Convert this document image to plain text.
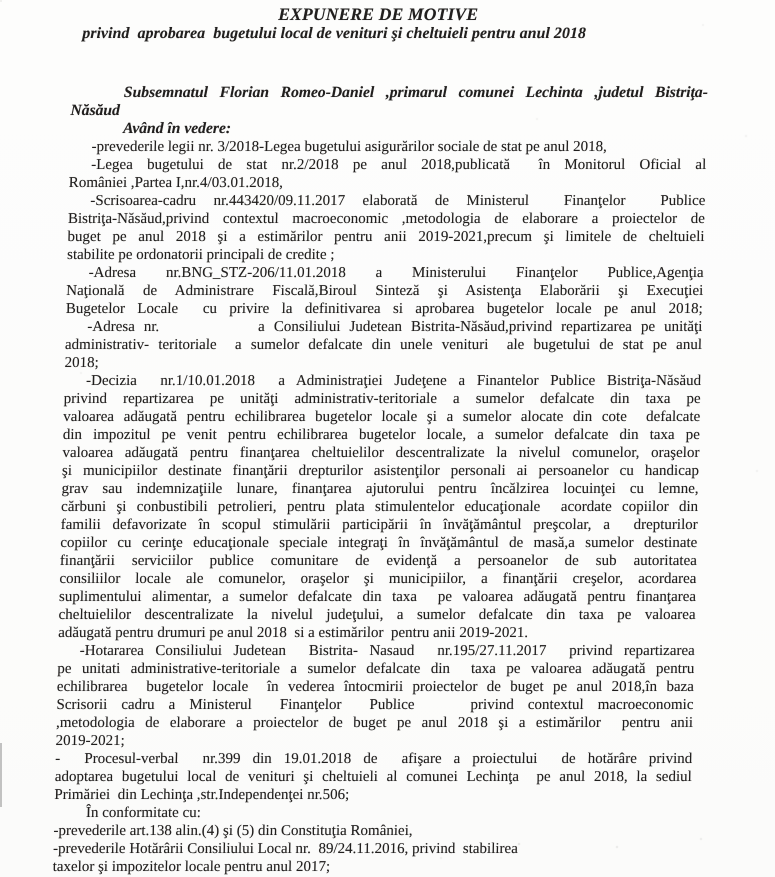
EXPUNERE DE MOTIVE
privind  aprobarea  bugetului local de venituri şi cheltuieli pentru anul 2018
Subsemnatul Florian Romeo-Daniel ,primarul comunei Lechinta ,judetul Bistriţa-
Năsăud
Având în vedere:
-prevederile legii nr. 3/2018-Legea bugetului asigurărilor sociale de stat pe anul 2018,
-Legea bugetului de stat nr.2/2018 pe anul 2018,publicată  în Monitorul Oficial al
României ,Partea I,nr.4/03.01.2018,
-Scrisoarea-cadru nr.443420/09.11.2017 elaborată de Ministerul  Finanţelor  Publice
Bistriţa-Năsăud,privind contextul macroeconomic ,metodologia de elaborare a proiectelor de
buget pe anul 2018 şi a estimărilor pentru anii 2019-2021,precum şi limitele de cheltuieli
stabilite pe ordonatorii principali de credite ;
-Adresa  nr.BNG_STZ-206/11.01.2018  a  Ministerului  Finanţelor  Publice,Agenţia
Naţională de Administrare Fiscală,Biroul Sinteză şi Asistenţa Elaborării şi Execuţiei
Bugetelor Locale  cu privire la definitivarea si aprobarea bugetelor locale pe anul 2018;
-Adresa nr.           a Consiliului Judetean Bistrita-Năsăud,privind repartizarea pe unităţi
administrativ- teritoriale  a sumelor defalcate din unele venituri  ale bugetului de stat pe anul
2018;
-Decizia  nr.1/10.01.2018  a Administraţiei Judeţene a Finantelor Publice Bistriţa-Năsăud
privind repartizarea pe unităţi administrativ-teritoriale a sumelor defalcate din taxa pe
valoarea adăugată pentru echilibrarea bugetelor locale şi a sumelor alocate din cote  defalcate
din impozitul pe venit pentru echilibrarea bugetelor locale, a sumelor defalcate din taxa pe
valoarea adăugată pentru finanţarea cheltuielilor descentralizate la nivelul comunelor, oraşelor
şi municipiilor destinate finanţării drepturilor asistenţilor personali ai persoanelor cu handicap
grav sau indemnizaţiile lunare, finanţarea ajutorului pentru încălzirea locuinţei cu lemne,
cărbuni şi conbustibili petrolieri, pentru plata stimulentelor educaţionale  acordate copiilor din
familii defavorizate în scopul stimulării participării în învăţământul preşcolar, a  drepturilor
copiilor cu cerinţe educaţionale speciale integraţi în învăţământul de masă,a sumelor destinate
finanţării serviciilor publice comunitare de evidenţă a persoanelor de sub autoritatea
consiliilor locale ale comunelor, oraşelor şi municipiilor, a finanţării creşelor, acordarea
suplimentului alimentar, a sumelor defalcate din taxa  pe valoarea adăugată pentru finanţarea
cheltuielilor descentralizate la nivelul judeţului, a sumelor defalcate din taxa pe valoarea
adăugată pentru drumuri pe anul 2018  si a estimărilor  pentru anii 2019-2021.
-Hotararea Consiliului Judetean  Bistrita- Nasaud  nr.195/27.11.2017  privind repartizarea
pe unitati administrative-teritoriale a sumelor defalcate din  taxa pe valoarea adăugată pentru
echilibrarea  bugetelor locale  în vederea întocmirii proiectelor de buget pe anul 2018,în baza
Scrisorii cadru a Ministerul  Finanţelor  Publice    privind contextul macroeconomic
,metodologia de elaborare a proiectelor de buget pe anul 2018 şi a estimărilor  pentru anii
2019-2021;
-  Procesul-verbal  nr.399 din 19.01.2018 de  afişare a proiectului  de hotărâre privind
adoptarea bugetului local de venituri şi cheltuieli al comunei Lechinţa  pe anul 2018, la sediul
Primăriei  din Lechinţa ,str.Independenţei nr.506;
În conformitate cu:
-prevederile art.138 alin.(4) şi (5) din Constituţia României,
-prevederile Hotărârii Consiliului Local nr.  89/24.11.2016, privind  stabilirea
taxelor şi impozitelor locale pentru anul 2017;
